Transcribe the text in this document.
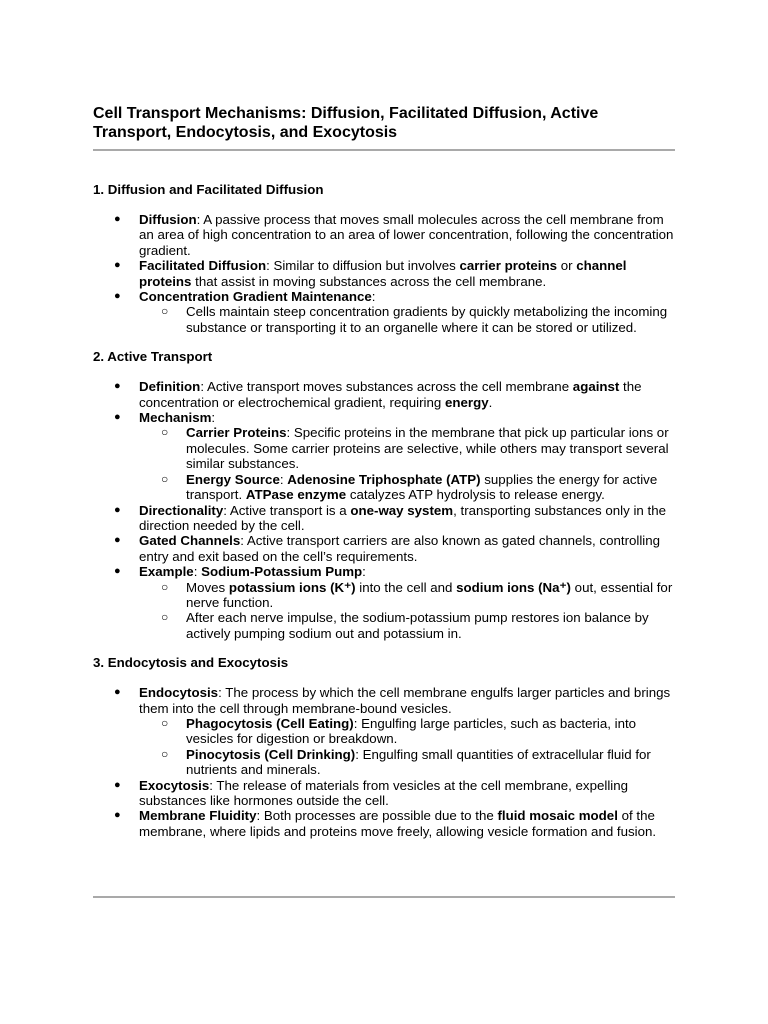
Cell Transport Mechanisms: Diffusion, Facilitated Diffusion, Active Transport, Endocytosis, and Exocytosis
1. Diffusion and Facilitated Diffusion
● Diffusion: A passive process that moves small molecules across the cell membrane from an area of high concentration to an area of lower concentration, following the concentration gradient.
● Facilitated Diffusion: Similar to diffusion but involves carrier proteins or channel proteins that assist in moving substances across the cell membrane.
● Concentration Gradient Maintenance:
○ Cells maintain steep concentration gradients by quickly metabolizing the incoming substance or transporting it to an organelle where it can be stored or utilized.
2. Active Transport
● Definition: Active transport moves substances across the cell membrane against the concentration or electrochemical gradient, requiring energy.
● Mechanism:
○ Carrier Proteins: Specific proteins in the membrane that pick up particular ions or molecules. Some carrier proteins are selective, while others may transport several similar substances.
○ Energy Source: Adenosine Triphosphate (ATP) supplies the energy for active transport. ATPase enzyme catalyzes ATP hydrolysis to release energy.
● Directionality: Active transport is a one-way system, transporting substances only in the direction needed by the cell.
● Gated Channels: Active transport carriers are also known as gated channels, controlling entry and exit based on the cell’s requirements.
● Example: Sodium-Potassium Pump:
○ Moves potassium ions (K⁺) into the cell and sodium ions (Na⁺) out, essential for nerve function.
○ After each nerve impulse, the sodium-potassium pump restores ion balance by actively pumping sodium out and potassium in.
3. Endocytosis and Exocytosis
● Endocytosis: The process by which the cell membrane engulfs larger particles and brings them into the cell through membrane-bound vesicles.
○ Phagocytosis (Cell Eating): Engulfing large particles, such as bacteria, into vesicles for digestion or breakdown.
○ Pinocytosis (Cell Drinking): Engulfing small quantities of extracellular fluid for nutrients and minerals.
● Exocytosis: The release of materials from vesicles at the cell membrane, expelling substances like hormones outside the cell.
● Membrane Fluidity: Both processes are possible due to the fluid mosaic model of the membrane, where lipids and proteins move freely, allowing vesicle formation and fusion.
